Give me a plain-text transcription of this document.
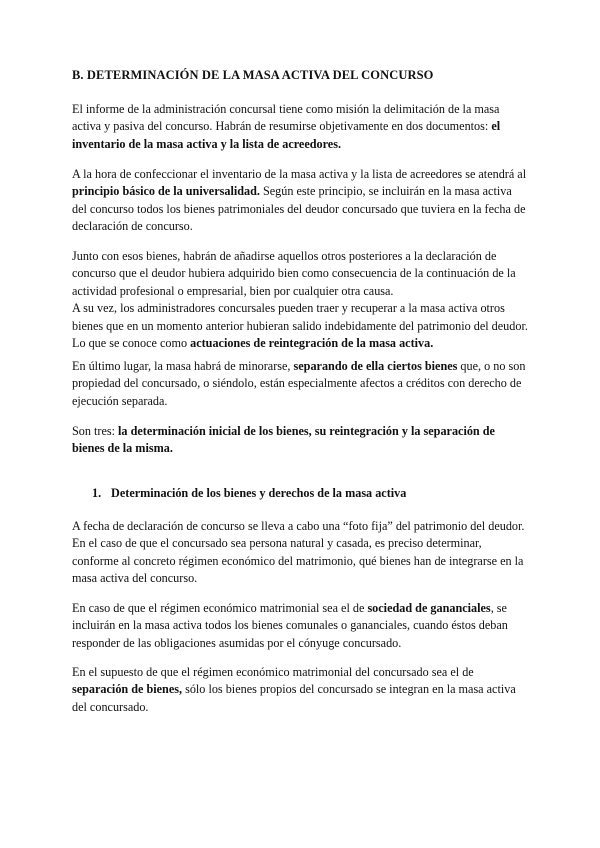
B. DETERMINACIÓN DE LA MASA ACTIVA DEL CONCURSO
El informe de la administración concursal tiene como misión la delimitación de la masa activa y pasiva del concurso. Habrán de resumirse objetivamente en dos documentos: el inventario de la masa activa y la lista de acreedores.
A la hora de confeccionar el inventario de la masa activa y la lista de acreedores se atendrá al principio básico de la universalidad. Según este principio, se incluirán en la masa activa del concurso todos los bienes patrimoniales del deudor concursado que tuviera en la fecha de declaración de concurso.
Junto con esos bienes, habrán de añadirse aquellos otros posteriores a la declaración de concurso que el deudor hubiera adquirido bien como consecuencia de la continuación de la actividad profesional o empresarial, bien por cualquier otra causa.
A su vez, los administradores concursales pueden traer y recuperar a la masa activa otros bienes que en un momento anterior hubieran salido indebidamente del patrimonio del deudor. Lo que se conoce como actuaciones de reintegración de la masa activa.
En último lugar, la masa habrá de minorarse, separando de ella ciertos bienes que, o no son propiedad del concursado, o siéndolo, están especialmente afectos a créditos con derecho de ejecución separada.
Son tres: la determinación inicial de los bienes, su reintegración y la separación de bienes de la misma.
1. Determinación de los bienes y derechos de la masa activa
A fecha de declaración de concurso se lleva a cabo una “foto fija” del patrimonio del deudor. En el caso de que el concursado sea persona natural y casada, es preciso determinar, conforme al concreto régimen económico del matrimonio, qué bienes han de integrarse en la masa activa del concurso.
En caso de que el régimen económico matrimonial sea el de sociedad de gananciales, se incluirán en la masa activa todos los bienes comunales o gananciales, cuando éstos deban responder de las obligaciones asumidas por el cónyuge concursado.
En el supuesto de que el régimen económico matrimonial del concursado sea el de separación de bienes, sólo los bienes propios del concursado se integran en la masa activa del concursado.
